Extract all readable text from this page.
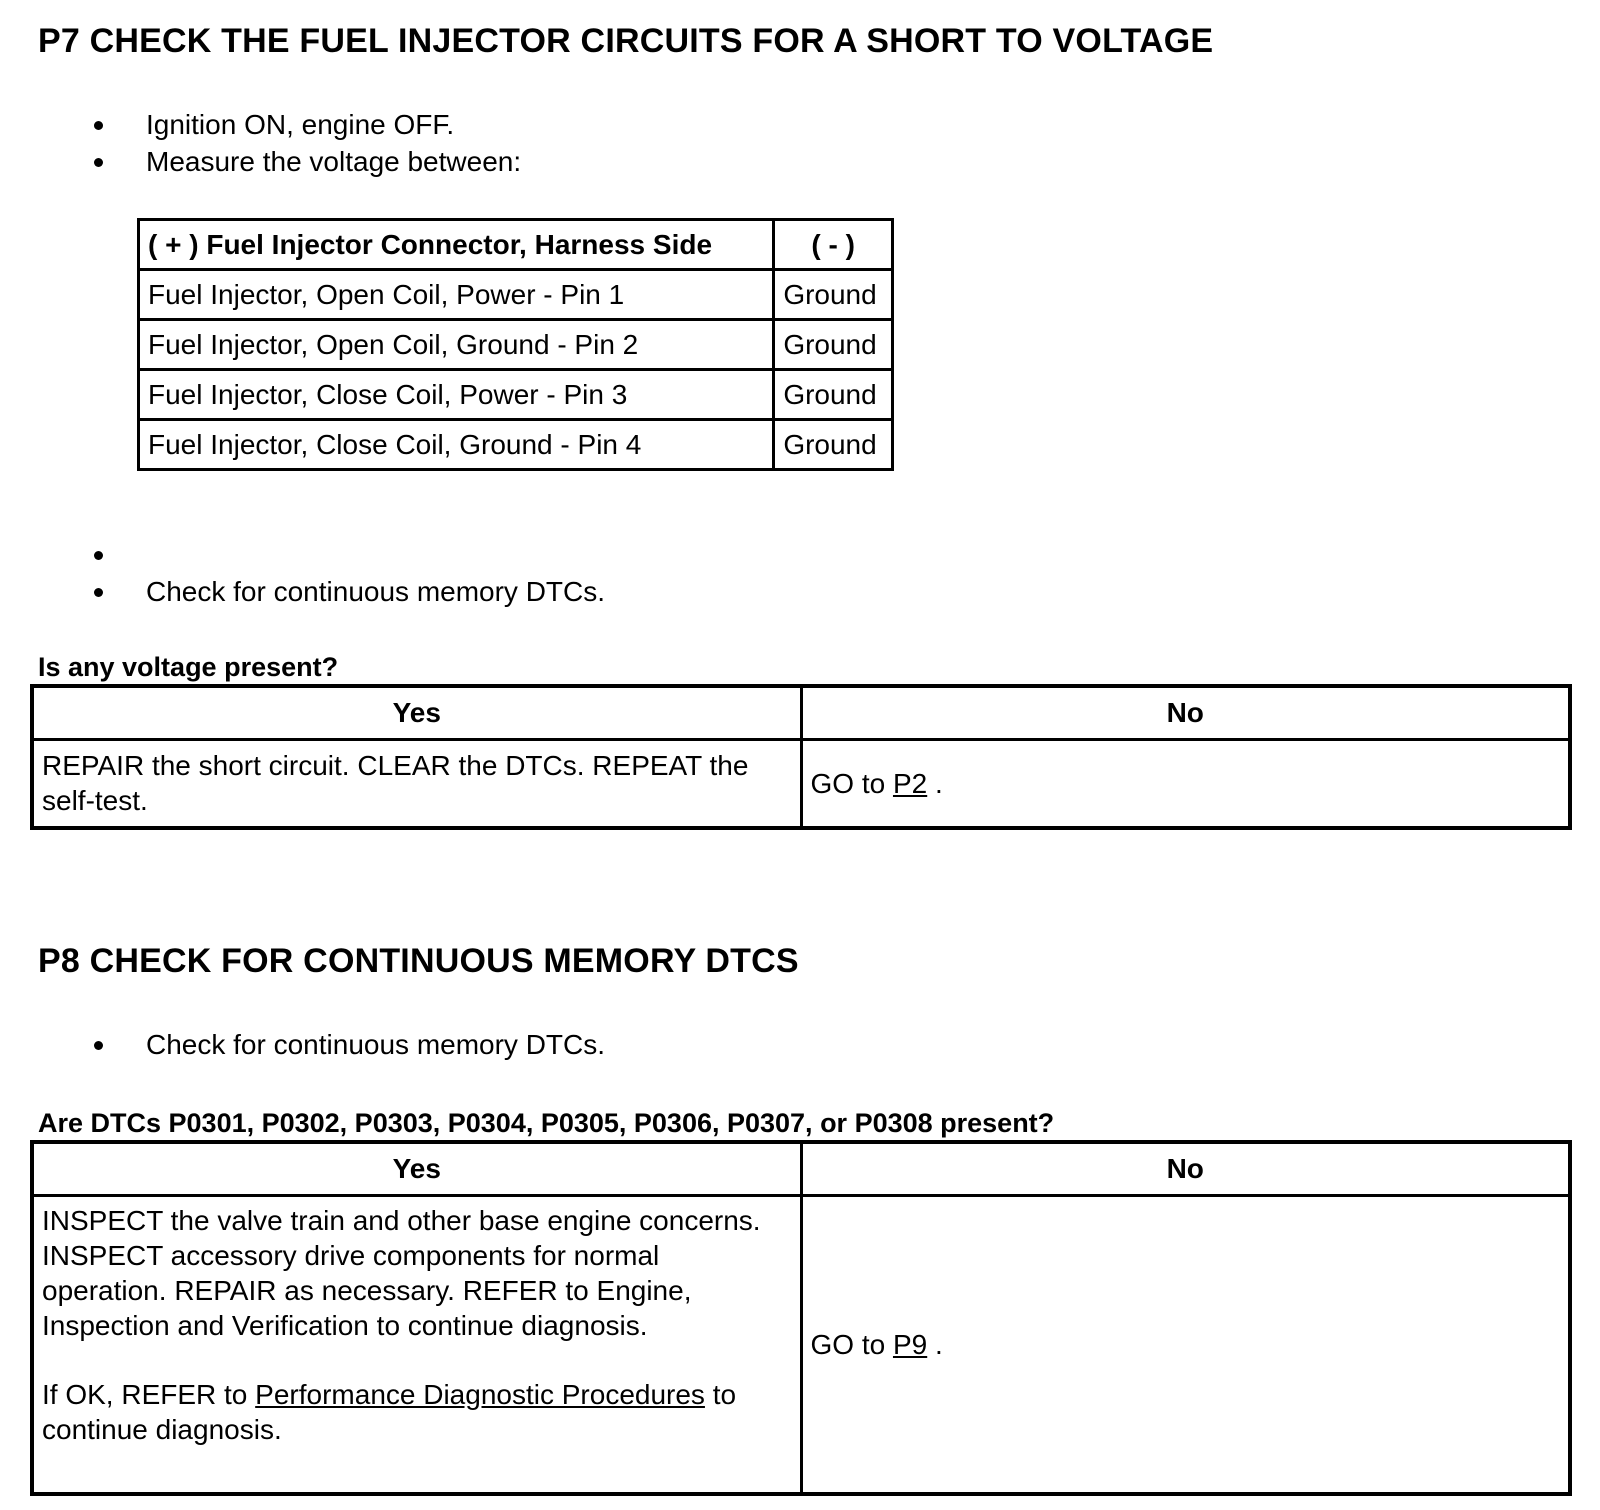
P7 CHECK THE FUEL INJECTOR CIRCUITS FOR A SHORT TO VOLTAGE
Ignition ON, engine OFF.
Measure the voltage between:
( + ) Fuel Injector Connector, Harness Side	( - )
Fuel Injector, Open Coil, Power - Pin 1	Ground
Fuel Injector, Open Coil, Ground - Pin 2	Ground
Fuel Injector, Close Coil, Power - Pin 3	Ground
Fuel Injector, Close Coil, Ground - Pin 4	Ground
Check for continuous memory DTCs.
Is any voltage present?
Yes	No
REPAIR the short circuit. CLEAR the DTCs. REPEAT the self-test.	GO to P2 .
P8 CHECK FOR CONTINUOUS MEMORY DTCS
Check for continuous memory DTCs.
Are DTCs P0301, P0302, P0303, P0304, P0305, P0306, P0307, or P0308 present?
Yes	No

INSPECT the valve train and other base engine concerns. INSPECT accessory drive components for normal operation. REPAIR as necessary. REFER to Engine, Inspection and Verification to continue diagnosis.
If OK, REFER to Performance Diagnostic Procedures to continue diagnosis.	GO to P9 .
